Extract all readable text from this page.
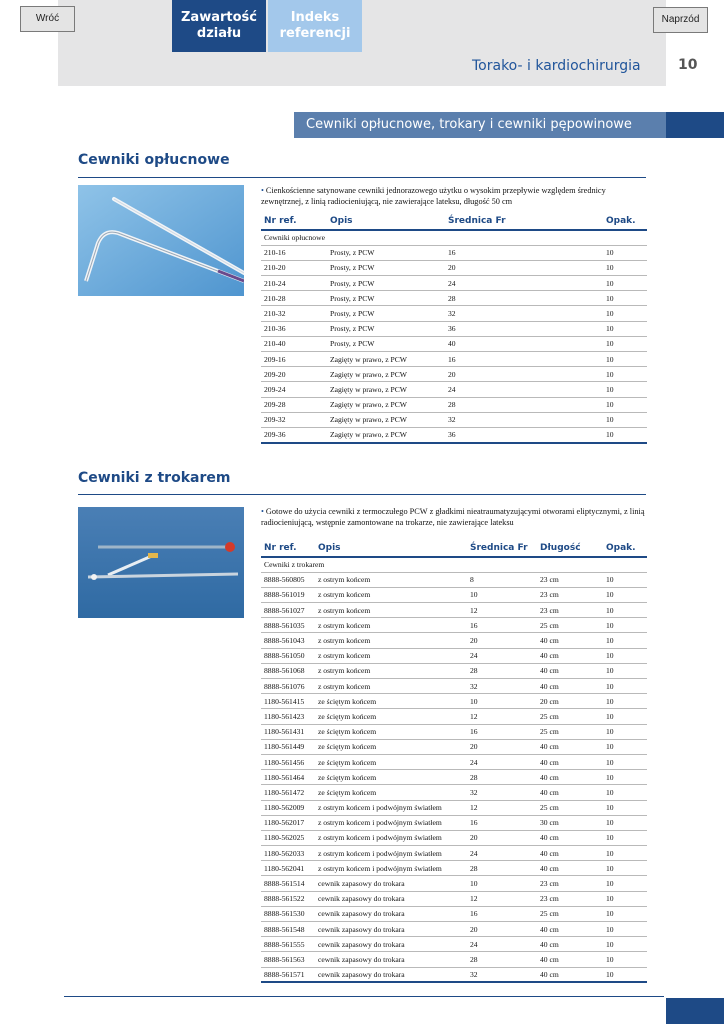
Wróć	Naprzód
Zawartość
działu
Indeks
referencji
Torako- i kardiochirurgia	10
Cewniki opłucnowe, trokary i cewniki pępowinowe
Cewniki opłucnowe
• Cienkościenne satynowane cewniki jednorazowego użytku o wysokim przepływie względem średnicy zewnętrznej, z linią radiocieniującą, nie zawierające lateksu, długość 50 cm
Nr ref.	Opis	Średnica Fr	Opak.
Cewniki opłucnowe			
210-16	Prosty, z PCW	16	10
210-20	Prosty, z PCW	20	10
210-24	Prosty, z PCW	24	10
210-28	Prosty, z PCW	28	10
210-32	Prosty, z PCW	32	10
210-36	Prosty, z PCW	36	10
210-40	Prosty, z PCW	40	10
209-16	Zagięty w prawo, z PCW	16	10
209-20	Zagięty w prawo, z PCW	20	10
209-24	Zagięty w prawo, z PCW	24	10
209-28	Zagięty w prawo, z PCW	28	10
209-32	Zagięty w prawo, z PCW	32	10
209-36	Zagięty w prawo, z PCW	36	10
Cewniki z trokarem
• Gotowe do użycia cewniki z termoczułego PCW z gładkimi nieatraumatyzującymi otworami eliptycznymi, z linią radiocieniującą, wstępnie zamontowane na trokarze, nie zawierające lateksu
Nr ref.	Opis	Średnica Fr	Długość	Opak.
Cewniki z trokarem				
8888-560805	z ostrym końcem	8	23 cm	10
8888-561019	z ostrym końcem	10	23 cm	10
8888-561027	z ostrym końcem	12	23 cm	10
8888-561035	z ostrym końcem	16	25 cm	10
8888-561043	z ostrym końcem	20	40 cm	10
8888-561050	z ostrym końcem	24	40 cm	10
8888-561068	z ostrym końcem	28	40 cm	10
8888-561076	z ostrym końcem	32	40 cm	10
1180-561415	ze ściętym końcem	10	20 cm	10
1180-561423	ze ściętym końcem	12	25 cm	10
1180-561431	ze ściętym końcem	16	25 cm	10
1180-561449	ze ściętym końcem	20	40 cm	10
1180-561456	ze ściętym końcem	24	40 cm	10
1180-561464	ze ściętym końcem	28	40 cm	10
1180-561472	ze ściętym końcem	32	40 cm	10
1180-562009	z ostrym końcem i podwójnym światłem	12	25 cm	10
1180-562017	z ostrym końcem i podwójnym światłem	16	30 cm	10
1180-562025	z ostrym końcem i podwójnym światłem	20	40 cm	10
1180-562033	z ostrym końcem i podwójnym światłem	24	40 cm	10
1180-562041	z ostrym końcem i podwójnym światłem	28	40 cm	10
8888-561514	cewnik zapasowy do trokara	10	23 cm	10
8888-561522	cewnik zapasowy do trokara	12	23 cm	10
8888-561530	cewnik zapasowy do trokara	16	25 cm	10
8888-561548	cewnik zapasowy do trokara	20	40 cm	10
8888-561555	cewnik zapasowy do trokara	24	40 cm	10
8888-561563	cewnik zapasowy do trokara	28	40 cm	10
8888-561571	cewnik zapasowy do trokara	32	40 cm	10
